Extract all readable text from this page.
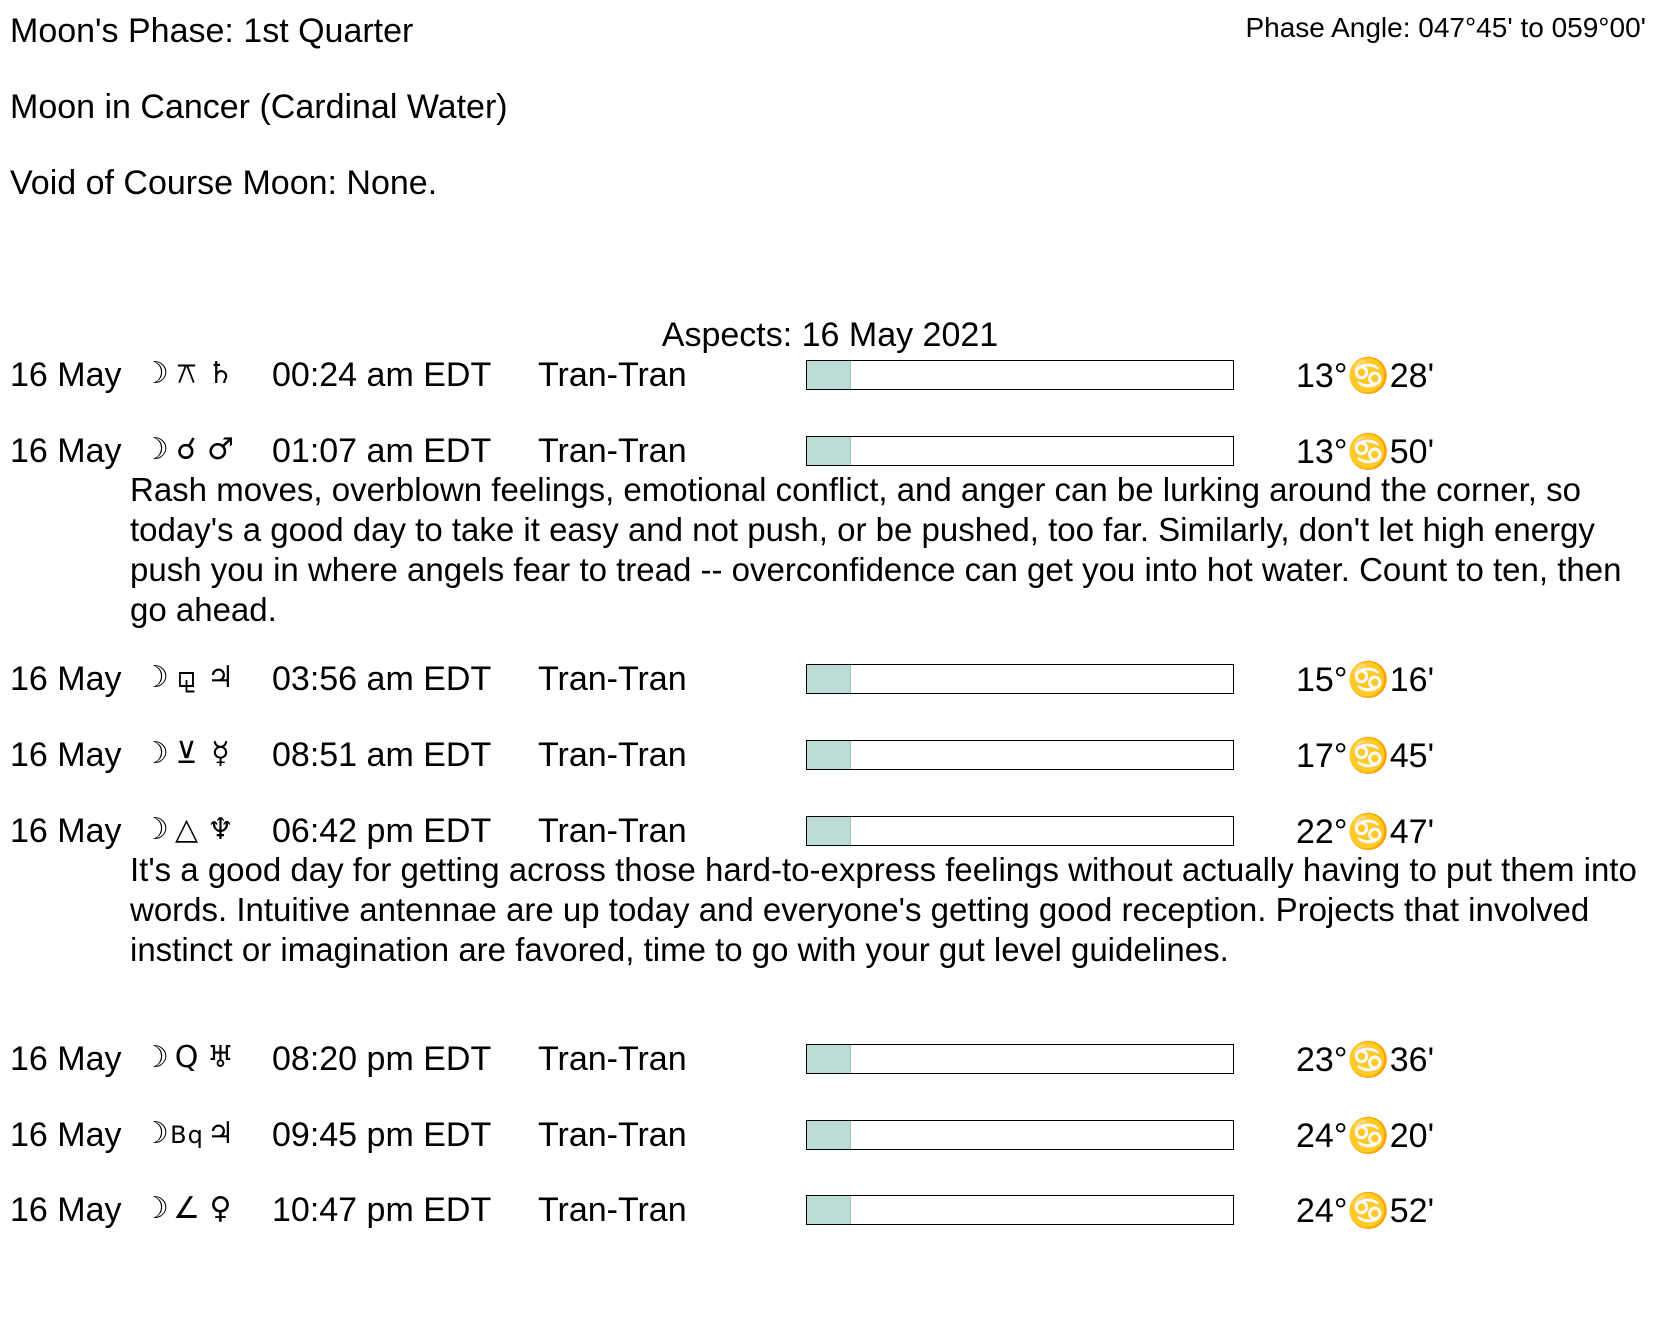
Moon's Phase: 1st Quarter	Phase Angle: 047°45' to 059°00'
Moon in Cancer (Cardinal Water)
Void of Course Moon: None.
Aspects: 16 May 2021
16 May ☽ ⚻ ♄ 00:24 am EDT Tran-Tran	13°♋28'
16 May ☽ ☌ ♂ 01:07 am EDT Tran-Tran	13°♋50'
Rash moves, overblown feelings, emotional conflict, and anger can be lurking around the corner, so today's a good day to take it easy and not push, or be pushed, too far. Similarly, don't let high energy push you in where angels fear to tread -- overconfidence can get you into hot water. Count to ten, then go ahead.
16 May ☽ ⚼ ♃ 03:56 am EDT Tran-Tran	15°♋16'
16 May ☽ ⊻ ☿ 08:51 am EDT Tran-Tran	17°♋45'
16 May ☽ △ ♆ 06:42 pm EDT Tran-Tran	22°♋47'
It's a good day for getting across those hard-to-express feelings without actually having to put them into words. Intuitive antennae are up today and everyone's getting good reception. Projects that involved instinct or imagination are favored, time to go with your gut level guidelines.
16 May ☽ Q ♅ 08:20 pm EDT Tran-Tran	23°♋36'
16 May ☽Bq ♃ 09:45 pm EDT Tran-Tran	24°♋20'
16 May ☽ ∠ ♀ 10:47 pm EDT Tran-Tran	24°♋52'
